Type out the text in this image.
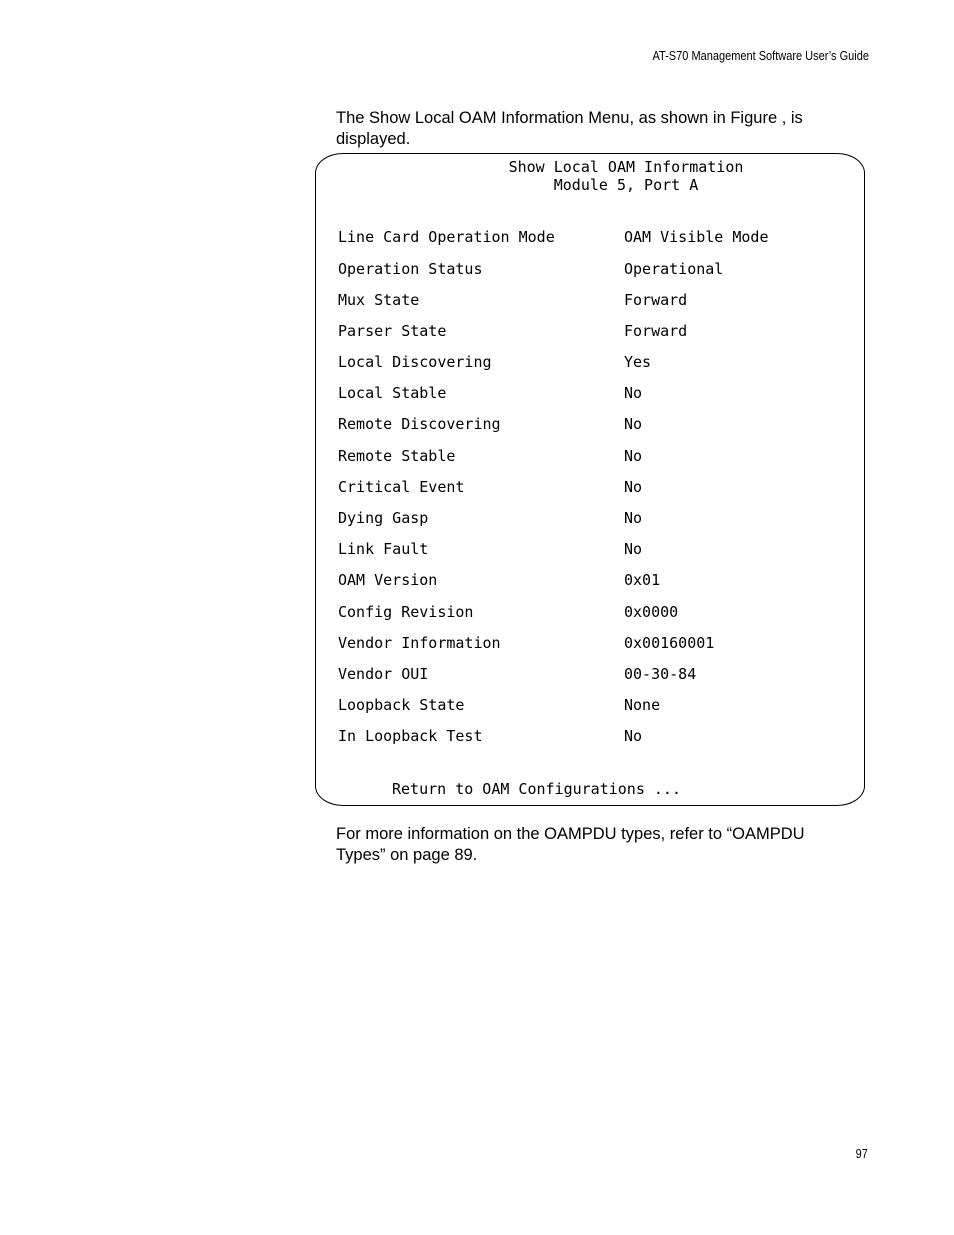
AT-S70 Management Software User’s Guide
The Show Local OAM Information Menu, as shown in Figure , is displayed.
Show Local OAM Information
Module 5, Port A
Line Card Operation Mode	OAM Visible Mode
Operation Status	Operational
Mux State	Forward
Parser State	Forward
Local Discovering	Yes
Local Stable	No
Remote Discovering	No
Remote Stable	No
Critical Event	No
Dying Gasp	No
Link Fault	No
OAM Version	0x01
Config Revision	0x0000
Vendor Information	0x00160001
Vendor OUI	00-30-84
Loopback State	None
In Loopback Test	No
Return to OAM Configurations ...
For more information on the OAMPDU types, refer to “OAMPDU Types” on page 89.
97
